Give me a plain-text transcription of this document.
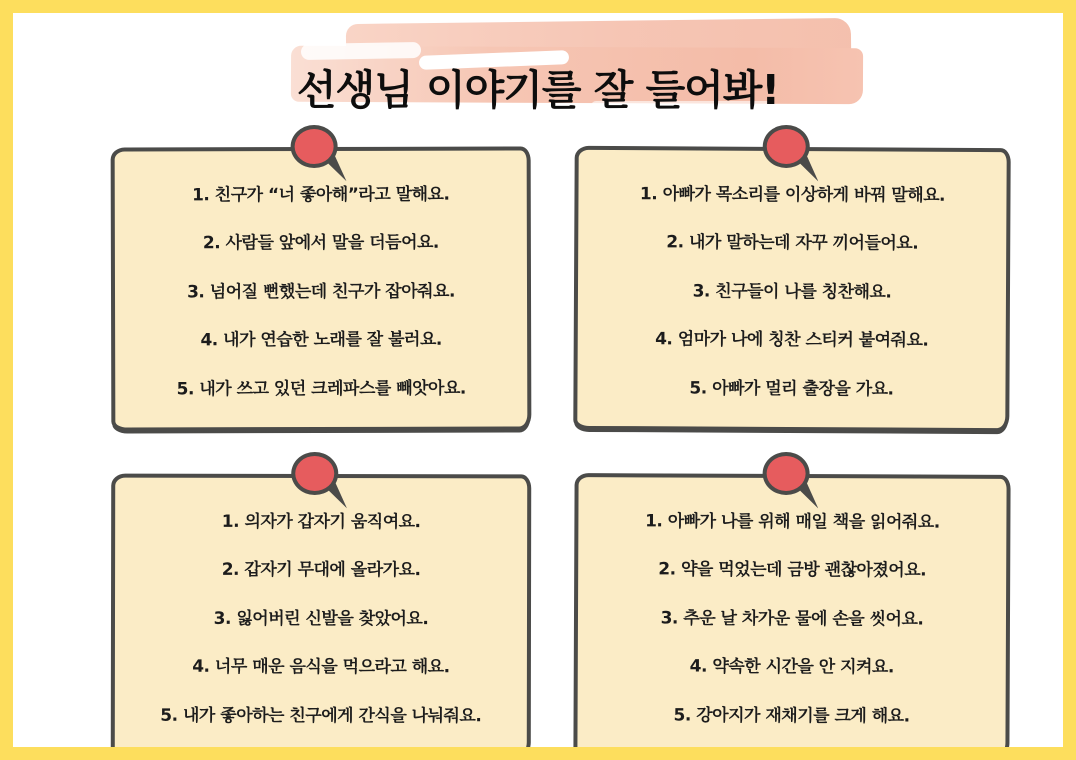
선생님 이야기를 잘 들어봐!
1. 친구가 “너 좋아해”라고 말해요.
2. 사람들 앞에서 말을 더듬어요.
3. 넘어질 뻔했는데 친구가 잡아줘요.
4. 내가 연습한 노래를 잘 불러요.
5. 내가 쓰고 있던 크레파스를 빼앗아요.
1. 아빠가 목소리를 이상하게 바꿔 말해요.
2. 내가 말하는데 자꾸 끼어들어요.
3. 친구들이 나를 칭찬해요.
4. 엄마가 나에 칭찬 스티커 붙여줘요.
5. 아빠가 멀리 출장을 가요.
1. 의자가 갑자기 움직여요.
2. 갑자기 무대에 올라가요.
3. 잃어버린 신발을 찾았어요.
4. 너무 매운 음식을 먹으라고 해요.
5. 내가 좋아하는 친구에게 간식을 나눠줘요.
1. 아빠가 나를 위해 매일 책을 읽어줘요.
2. 약을 먹었는데 금방 괜찮아졌어요.
3. 추운 날 차가운 물에 손을 씻어요.
4. 약속한 시간을 안 지켜요.
5. 강아지가 재채기를 크게 해요.
